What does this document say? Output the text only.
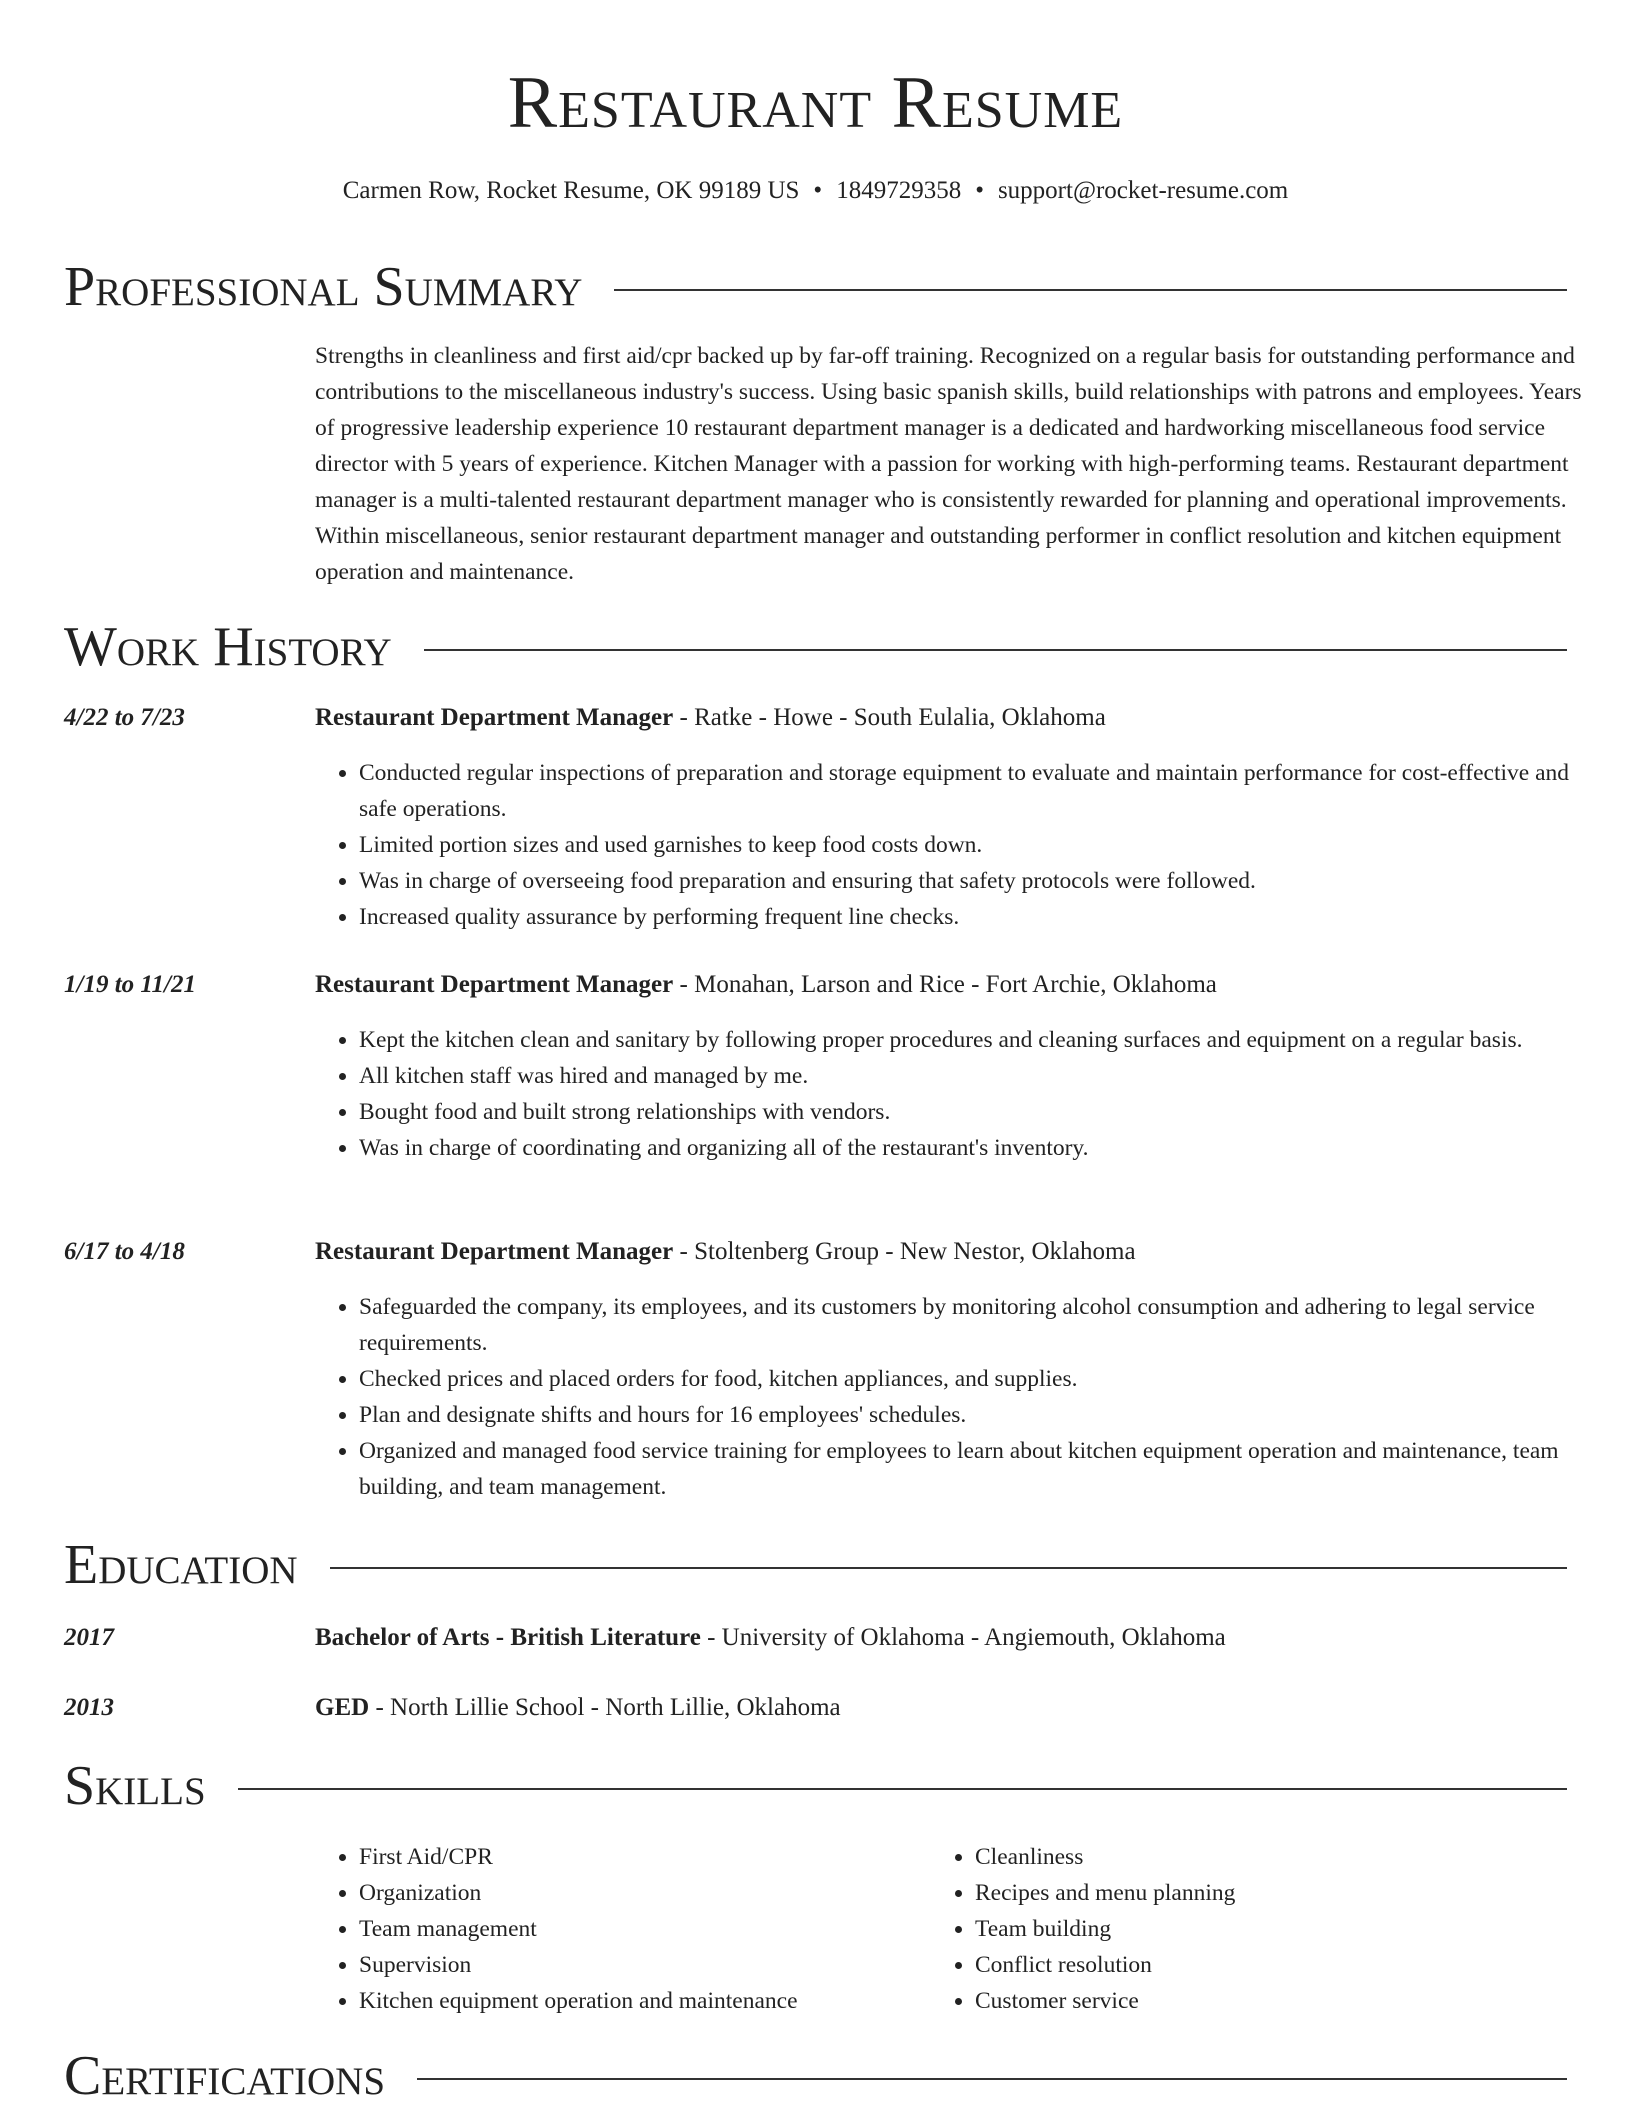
Restaurant Resume
Carmen Row, Rocket Resume, OK 99189 US • 1849729358 • support@rocket-resume.com
Professional Summary

Strengths in cleanliness and first aid/cpr backed up by far-off training. Recognized on a regular basis for outstanding performance and contributions to the miscellaneous industry's success. Using basic spanish skills, build relationships with patrons and employees. Years of progressive leadership experience 10 restaurant department manager is a dedicated and hardworking miscellaneous food service director with 5 years of experience. Kitchen Manager with a passion for working with high-performing teams. Restaurant department manager is a multi-talented restaurant department manager who is consistently rewarded for planning and operational improvements. Within miscellaneous, senior restaurant department manager and outstanding performer in conflict resolution and kitchen equipment operation and maintenance.

Work History
4/22 to 7/23	Restaurant Department Manager - Ratke - Howe - South Eulalia, Oklahoma
• Conducted regular inspections of preparation and storage equipment to evaluate and maintain performance for cost-effective and safe operations.
• Limited portion sizes and used garnishes to keep food costs down.
• Was in charge of overseeing food preparation and ensuring that safety protocols were followed.
• Increased quality assurance by performing frequent line checks.
1/19 to 11/21	Restaurant Department Manager - Monahan, Larson and Rice - Fort Archie, Oklahoma
• Kept the kitchen clean and sanitary by following proper procedures and cleaning surfaces and equipment on a regular basis.
• All kitchen staff was hired and managed by me.
• Bought food and built strong relationships with vendors.
• Was in charge of coordinating and organizing all of the restaurant's inventory.
6/17 to 4/18	Restaurant Department Manager - Stoltenberg Group - New Nestor, Oklahoma
• Safeguarded the company, its employees, and its customers by monitoring alcohol consumption and adhering to legal service requirements.
• Checked prices and placed orders for food, kitchen appliances, and supplies.
• Plan and designate shifts and hours for 16 employees' schedules.
• Organized and managed food service training for employees to learn about kitchen equipment operation and maintenance, team building, and team management.
Education
2017	Bachelor of Arts - British Literature - University of Oklahoma - Angiemouth, Oklahoma
2013	GED - North Lillie School - North Lillie, Oklahoma
Skills
• First Aid/CPR
• Organization
• Team management
• Supervision
• Kitchen equipment operation and maintenance
• Cleanliness
• Recipes and menu planning
• Team building
• Conflict resolution
• Customer service
Certifications
